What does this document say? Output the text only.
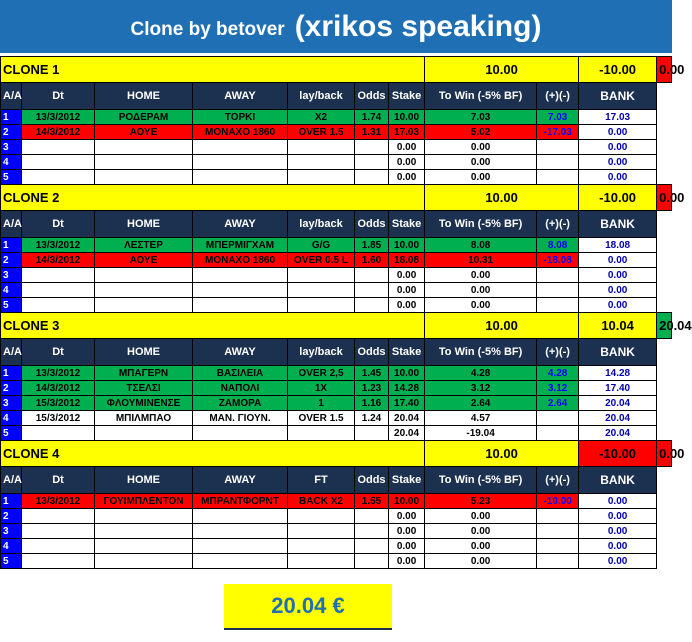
Clone by betover (xrikos speaking)
CLONE 1							10.00		-10.00	0.00
A/A	Dt	HOME	AWAY	lay/back	Odds	Stake	To Win (-5% BF)	(+)(-)	BANK	
1	13/3/2012	ΡΟΔΕΡΑΜ	ΤΟΡΚΙ	X2	1.74	10.00	7.03	7.03	17.03	
2	14/3/2012	ΑΟΥΕ	ΜΟΝΑΧΟ 1860	OVER 1.5	1.31	17.03	5.02	-17.03	0.00	
3						0.00	0.00		0.00	
4						0.00	0.00		0.00	
5						0.00	0.00		0.00	
CLONE 2							10.00		-10.00	0.00
A/A	Dt	HOME	AWAY	lay/back	Odds	Stake	To Win (-5% BF)	(+)(-)	BANK	
1	13/3/2012	ΛΕΣΤΕΡ	ΜΠΕΡΜΙΓΧΑΜ	G/G	1.85	10.00	8.08	8.08	18.08	
2	14/3/2012	ΑΟΥΕ	ΜΟΝΑΧΟ 1860	OVER 0.5 L	1.60	18.08	10.31	-18.08	0.00	
3						0.00	0.00		0.00	
4						0.00	0.00		0.00	
5						0.00	0.00		0.00	
CLONE 3							10.00		10.04	20.04
A/A	Dt	HOME	AWAY	lay/back	Odds	Stake	To Win (-5% BF)	(+)(-)	BANK	
1	13/3/2012	ΜΠΑΓΕΡΝ	ΒΑΣΙΛΕΙΑ	OVER 2,5	1.45	10.00	4.28	4.28	14.28	
2	14/3/2012	ΤΣΕΛΣΙ	ΝΑΠΟΛΙ	1X	1.23	14.28	3.12	3.12	17.40	
3	15/3/2012	ΦΛΟΥΜΙΝΕΝΣΕ	ΖΑΜΟΡΑ	1	1.16	17.40	2.64	2.64	20.04	
4	15/3/2012	ΜΠΙΛΜΠΑΟ	ΜΑΝ. ΓΙΟΥΝ.	OVER 1.5	1.24	20.04	4.57		20.04	
5						20.04	-19.04		20.04	
CLONE 4							10.00		-10.00	0.00
A/A	Dt	HOME	AWAY	FT	Odds	Stake	To Win (-5% BF)	(+)(-)	BANK	
1	13/3/2012	ΓΟΥΙΜΠΛΕΝΤΟΝ	ΜΠΡΑΝΤΦΟΡΝΤ	BACK X2	1.55	10.00	5.23	-10.00	0.00	
2						0.00	0.00		0.00	
3						0.00	0.00		0.00	
4						0.00	0.00		0.00	
5						0.00	0.00		0.00	
20.04 €
